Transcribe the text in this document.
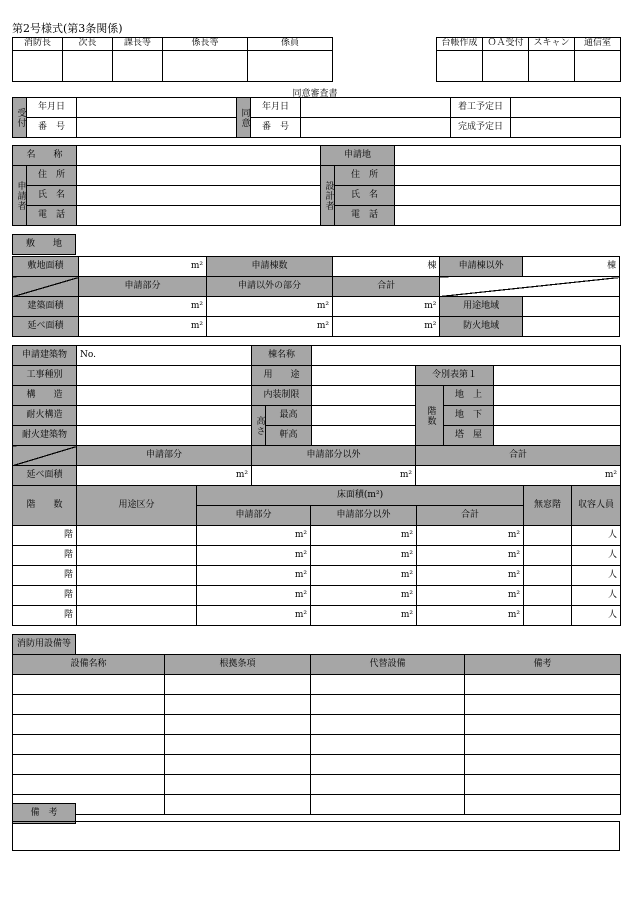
第2号様式(第3条関係)
消防長	次長	課長等	係長等	係員
					台帳作成	ＯＡ受付	スキャン	通信室

同意審査書
受付	年月日		同意	年月日		着工予定日	
	番　号			番　号		完成予定日	
名　　称			申請地		
申請者	住　所		設計者	住　所	
	氏　名			氏　名	
	電　話			電　話	
敷　　地
敷地面積	m²	申請棟数	棟	申請棟以外	棟
	申請部分	申請以外の部分	合計		
建築面積	m²	m²	m²	用途地域	
延べ面積	m²	m²	m²	防火地域	
申請建築物	No.	棟名称					
工事種別		用　　途			令別表第１		
構　　造		内装制限			階数	地　上	
耐火構造		高さ	最高			地　下	
耐火建築物			軒高			塔　屋	
	申請部分	申請部分以外			合計		
延べ面積	m²	m²			m²		
階　　数	用途区分	床面積(m²)			無窓階	収容人員
		申請部分	申請部分以外	合計		
階		m²	m²	m²		人
階		m²	m²	m²		人
階		m²	m²	m²		人
階		m²	m²	m²		人
階		m²	m²	m²		人
消防用設備等
設備名称	根拠条項	代替設備	備考

備　考
